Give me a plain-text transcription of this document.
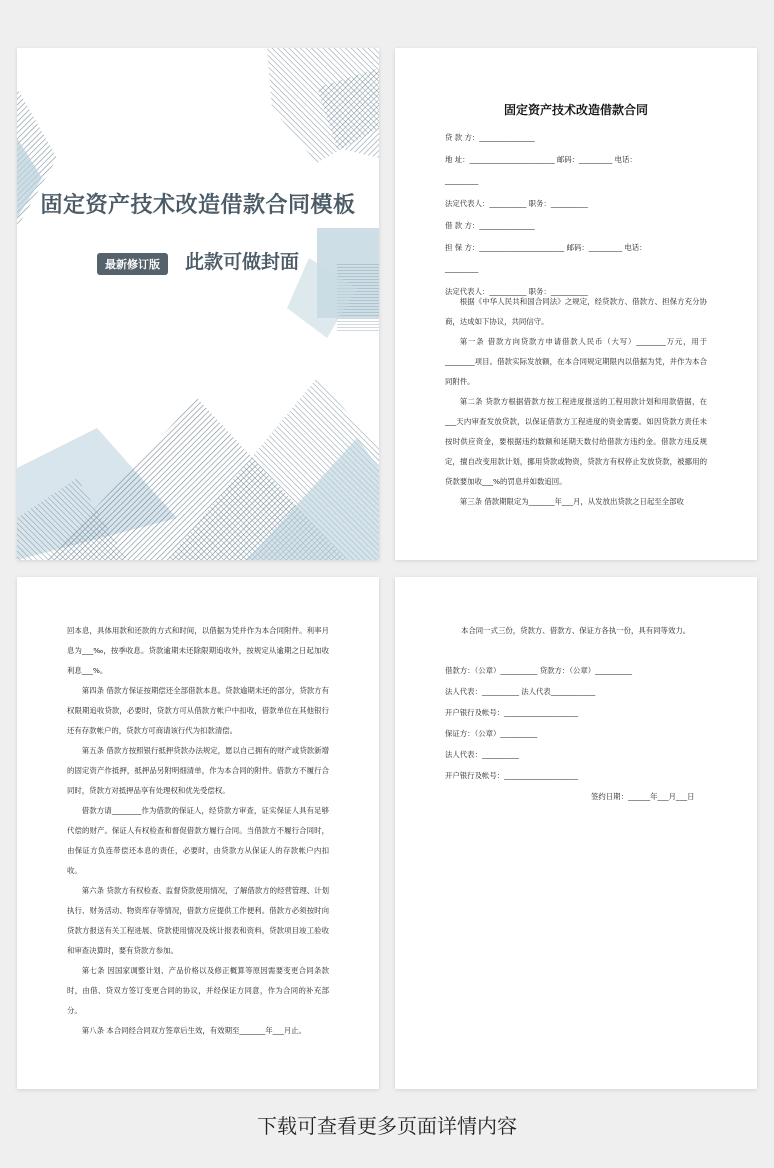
固定资产技术改造借款合同模板
最新修订版	此款可做封面
固定资产技术改造借款合同
贷 款 方：_______________
地 址：_______________________ 邮码：_________ 电话：
_________
法定代表人：__________ 职务：__________
借 款 方：_______________
担 保 方：_______________________ 邮码：_________ 电话：
_________
法定代表人：__________ 职务：__________

根据《中华人民共和国合同法》之规定，经贷款方、借款方、担保方充分协商，达成如下协议，共同信守。

第一条 借款方向贷款方申请借款人民币（大写）________万元，用于________项目。借款实际发放额，在本合同规定期限内以借据为凭，并作为本合同附件。

第二条 贷款方根据借款方按工程进度报送的工程用款计划和用款借据，在___天内审查发放贷款，以保证借款方工程进度的资金需要。如因贷款方责任未按时供应资金，要根据违约数额和延期天数付给借款方违约金。借款方违反规定，擅自改变用款计划，挪用贷款或物资，贷款方有权停止发放贷款，被挪用的贷款要加收___%的罚息并如数追回。

第三条 借款期限定为_______年___月，从发放出贷款之日起至全部收

回本息，具体用款和还款的方式和时间，以借据为凭并作为本合同附件。利率月息为___‰，按季收息。贷款逾期未还除限期追收外，按规定从逾期之日起加收利息___%。

第四条 借款方保证按期偿还全部借款本息。贷款逾期未还的部分，贷款方有权限期追收贷款，必要时，贷款方可从借款方帐户中扣收，借款单位在其他银行还有存款帐户的，贷款方可商请该行代为扣款清偿。

第五条 借款方按照银行抵押贷款办法规定，愿以自己拥有的财产或贷款新增的固定资产作抵押，抵押品另附明细清单，作为本合同的附件。借款方不履行合同时，贷款方对抵押品享有处理权和优先受偿权。

借款方请________作为借款的保证人，经贷款方审查，证实保证人具有足够代偿的财产。保证人有权检查和督促借款方履行合同。当借款方不履行合同时，由保证方负连带偿还本息的责任，必要时，由贷款方从保证人的存款帐户内扣收。

第六条 贷款方有权检查、监督贷款使用情况，了解借款方的经营管理、计划执行、财务活动、物资库存等情况，借款方应提供工作便利。借款方必须按时向贷款方报送有关工程进展、贷款使用情况及统计报表和资料，贷款项目竣工验收和审查决算时，要有贷款方参加。

第七条 因国家调整计划、产品价格以及修正概算等原因需要变更合同条款时，由借、贷双方签订变更合同的协议，并经保证方同意，作为合同的补充部分。

第八条 本合同经合同双方签章后生效，有效期至_______年___月止。

本合同一式三份，贷款方、借款方、保证方各执一份，具有同等效力。
借款方：（公章）__________ 贷款方：（公章）__________
法人代表：__________ 法人代表____________
开户银行及帐号：____________________
保证方：（公章）__________
法人代表：__________
开户银行及帐号：____________________
签约日期：______年___月___日
下载可查看更多页面详情内容
